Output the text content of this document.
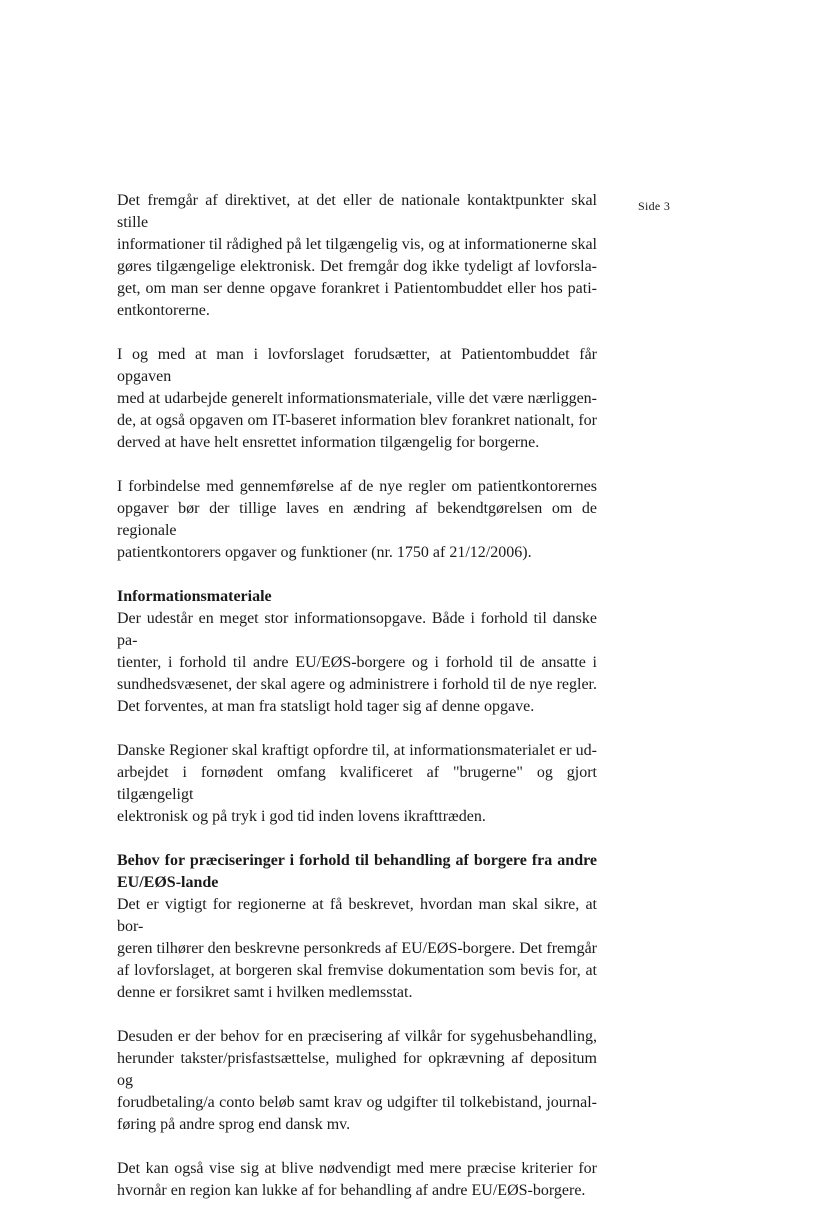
Side 3
Det fremgår af direktivet, at det eller de nationale kontaktpunkter skal stille
informationer til rådighed på let tilgængelig vis, og at informationerne skal
gøres tilgængelige elektronisk. Det fremgår dog ikke tydeligt af lovforsla-
get, om man ser denne opgave forankret i Patientombuddet eller hos pati-
entkontorerne.
I og med at man i lovforslaget forudsætter, at Patientombuddet får opgaven
med at udarbejde generelt informationsmateriale, ville det være nærliggen-
de, at også opgaven om IT-baseret information blev forankret nationalt, for
derved at have helt ensrettet information tilgængelig for borgerne.
I forbindelse med gennemførelse af de nye regler om patientkontorernes
opgaver bør der tillige laves en ændring af bekendtgørelsen om de regionale
patientkontorers opgaver og funktioner (nr. 1750 af 21/12/2006).
Informationsmateriale
Der udestår en meget stor informationsopgave. Både i forhold til danske pa-
tienter, i forhold til andre EU/EØS-borgere og i forhold til de ansatte i
sundhedsvæsenet, der skal agere og administrere i forhold til de nye regler.
Det forventes, at man fra statsligt hold tager sig af denne opgave.
Danske Regioner skal kraftigt opfordre til, at informationsmaterialet er ud-
arbejdet i fornødent omfang kvalificeret af "brugerne" og gjort tilgængeligt
elektronisk og på tryk i god tid inden lovens ikrafttræden.
Behov for præciseringer i forhold til behandling af borgere fra andre
EU/EØS-lande
Det er vigtigt for regionerne at få beskrevet, hvordan man skal sikre, at bor-
geren tilhører den beskrevne personkreds af EU/EØS-borgere. Det fremgår
af lovforslaget, at borgeren skal fremvise dokumentation som bevis for, at
denne er forsikret samt i hvilken medlemsstat.
Desuden er der behov for en præcisering af vilkår for sygehusbehandling,
herunder takster/prisfastsættelse, mulighed for opkrævning af depositum og
forudbetaling/a conto beløb samt krav og udgifter til tolkebistand, journal-
føring på andre sprog end dansk mv.
Det kan også vise sig at blive nødvendigt med mere præcise kriterier for
hvornår en region kan lukke af for behandling af andre EU/EØS-borgere.
